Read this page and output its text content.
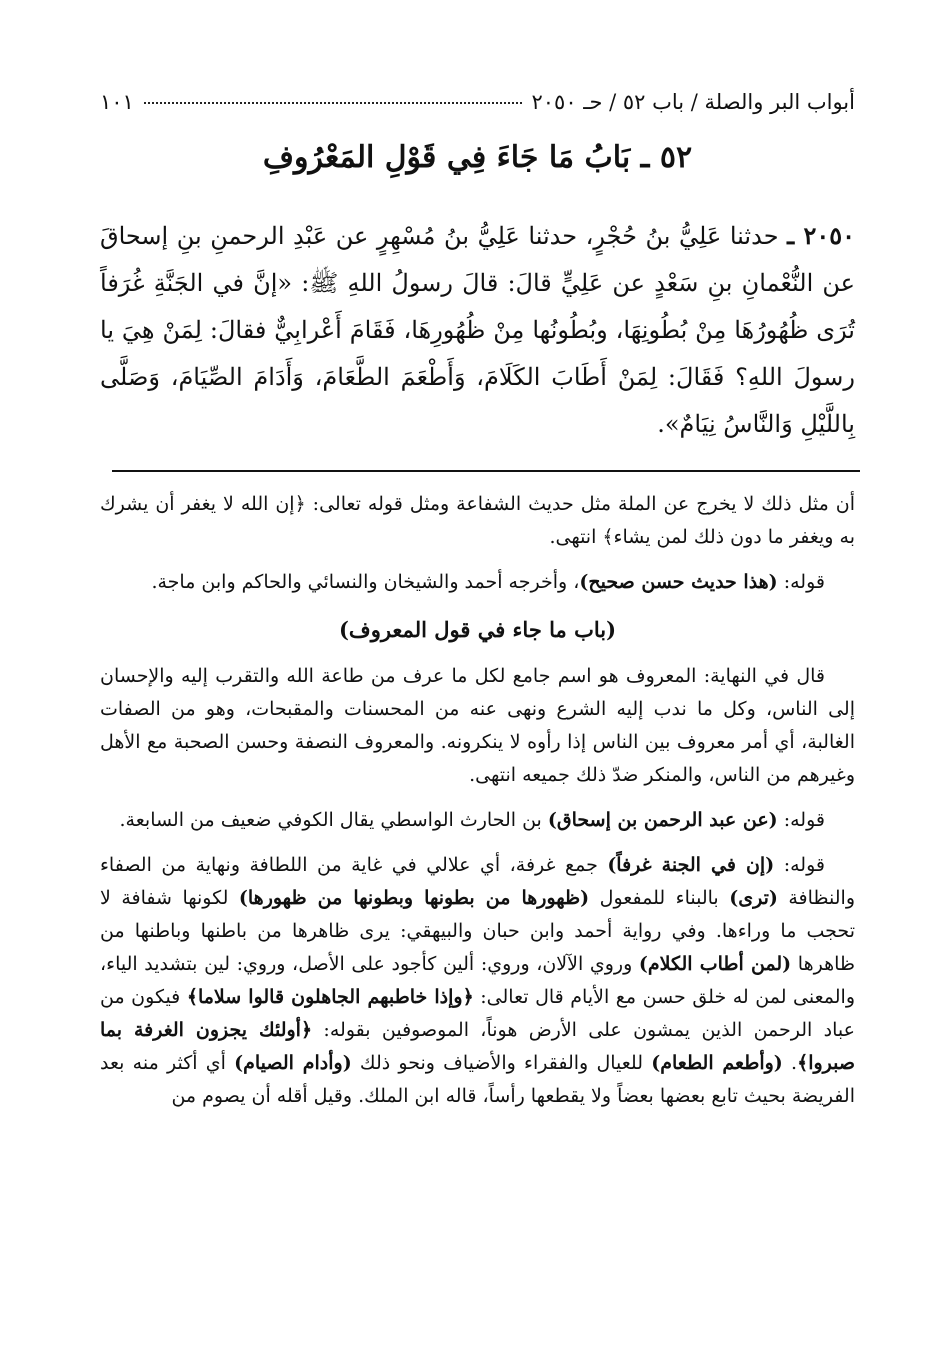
أبواب البر والصلة / باب ٥٢ / حـ ٢٠٥٠
١٠١
٥٢ ـ بَابُ مَا جَاءَ فِي قَوْلِ المَعْرُوفِ
٢٠٥٠ ـ حدثنا عَلِيُّ بنُ حُجْرٍ، حدثنا عَلِيُّ بنُ مُسْهِرٍ عن عَبْدِ الرحمنِ بنِ إسحاقَ عن النُّعْمانِ بنِ سَعْدٍ عن عَلِيٍّ قالَ: قالَ رسولُ اللهِ ﷺ: «إنَّ في الجَنَّةِ غُرَفاً تُرَى ظُهُورُهَا مِنْ بُطُونِهَا، وبُطُونُها مِنْ ظُهُورِهَا، فَقَامَ أَعْرابِيٌّ فقالَ: لِمَنْ هِيَ يا رسولَ اللهِ؟ فَقَالَ: لِمَنْ أَطَابَ الكَلَامَ، وَأَطْعَمَ الطَّعَامَ، وَأَدَامَ الصِّيَامَ، وَصَلَّى بِاللَّيْلِ وَالنَّاسُ نِيَامٌ».

أن مثل ذلك لا يخرج عن الملة مثل حديث الشفاعة ومثل قوله تعالى: ﴿إن الله لا يغفر أن يشرك به ويغفر ما دون ذلك لمن يشاء﴾ انتهى.

قوله: (هذا حديث حسن صحيح)، وأخرجه أحمد والشيخان والنسائي والحاكم وابن ماجة.

(باب ما جاء في قول المعروف)

قال في النهاية: المعروف هو اسم جامع لكل ما عرف من طاعة الله والتقرب إليه والإحسان إلى الناس، وكل ما ندب إليه الشرع ونهى عنه من المحسنات والمقبحات، وهو من الصفات الغالبة، أي أمر معروف بين الناس إذا رأوه لا ينكرونه. والمعروف النصفة وحسن الصحبة مع الأهل وغيرهم من الناس، والمنكر ضدّ ذلك جميعه انتهى.

قوله: (عن عبد الرحمن بن إسحاق) بن الحارث الواسطي يقال الكوفي ضعيف من السابعة.

قوله: (إن في الجنة غرفاً) جمع غرفة، أي علالي في غاية من اللطافة ونهاية من الصفاء والنظافة (ترى) بالبناء للمفعول (ظهورها من بطونها وبطونها من ظهورها) لكونها شفافة لا تحجب ما وراءها. وفي رواية أحمد وابن حبان والبيهقي: يرى ظاهرها من باطنها وباطنها من ظاهرها (لمن أطاب الكلام) وروي الآلان، وروي: ألين كأجود على الأصل، وروي: لين بتشديد الياء، والمعنى لمن له خلق حسن مع الأيام قال تعالى: ﴿وإذا خاطبهم الجاهلون قالوا سلاما﴾ فيكون من عباد الرحمن الذين يمشون على الأرض هوناً، الموصوفين بقوله: ﴿أولئك يجزون الغرفة بما صبروا﴾. (وأطعم الطعام) للعيال والفقراء والأضياف ونحو ذلك (وأدام الصيام) أي أكثر منه بعد الفريضة بحيث تابع بعضها بعضاً ولا يقطعها رأساً، قاله ابن الملك. وقيل أقله أن يصوم من
